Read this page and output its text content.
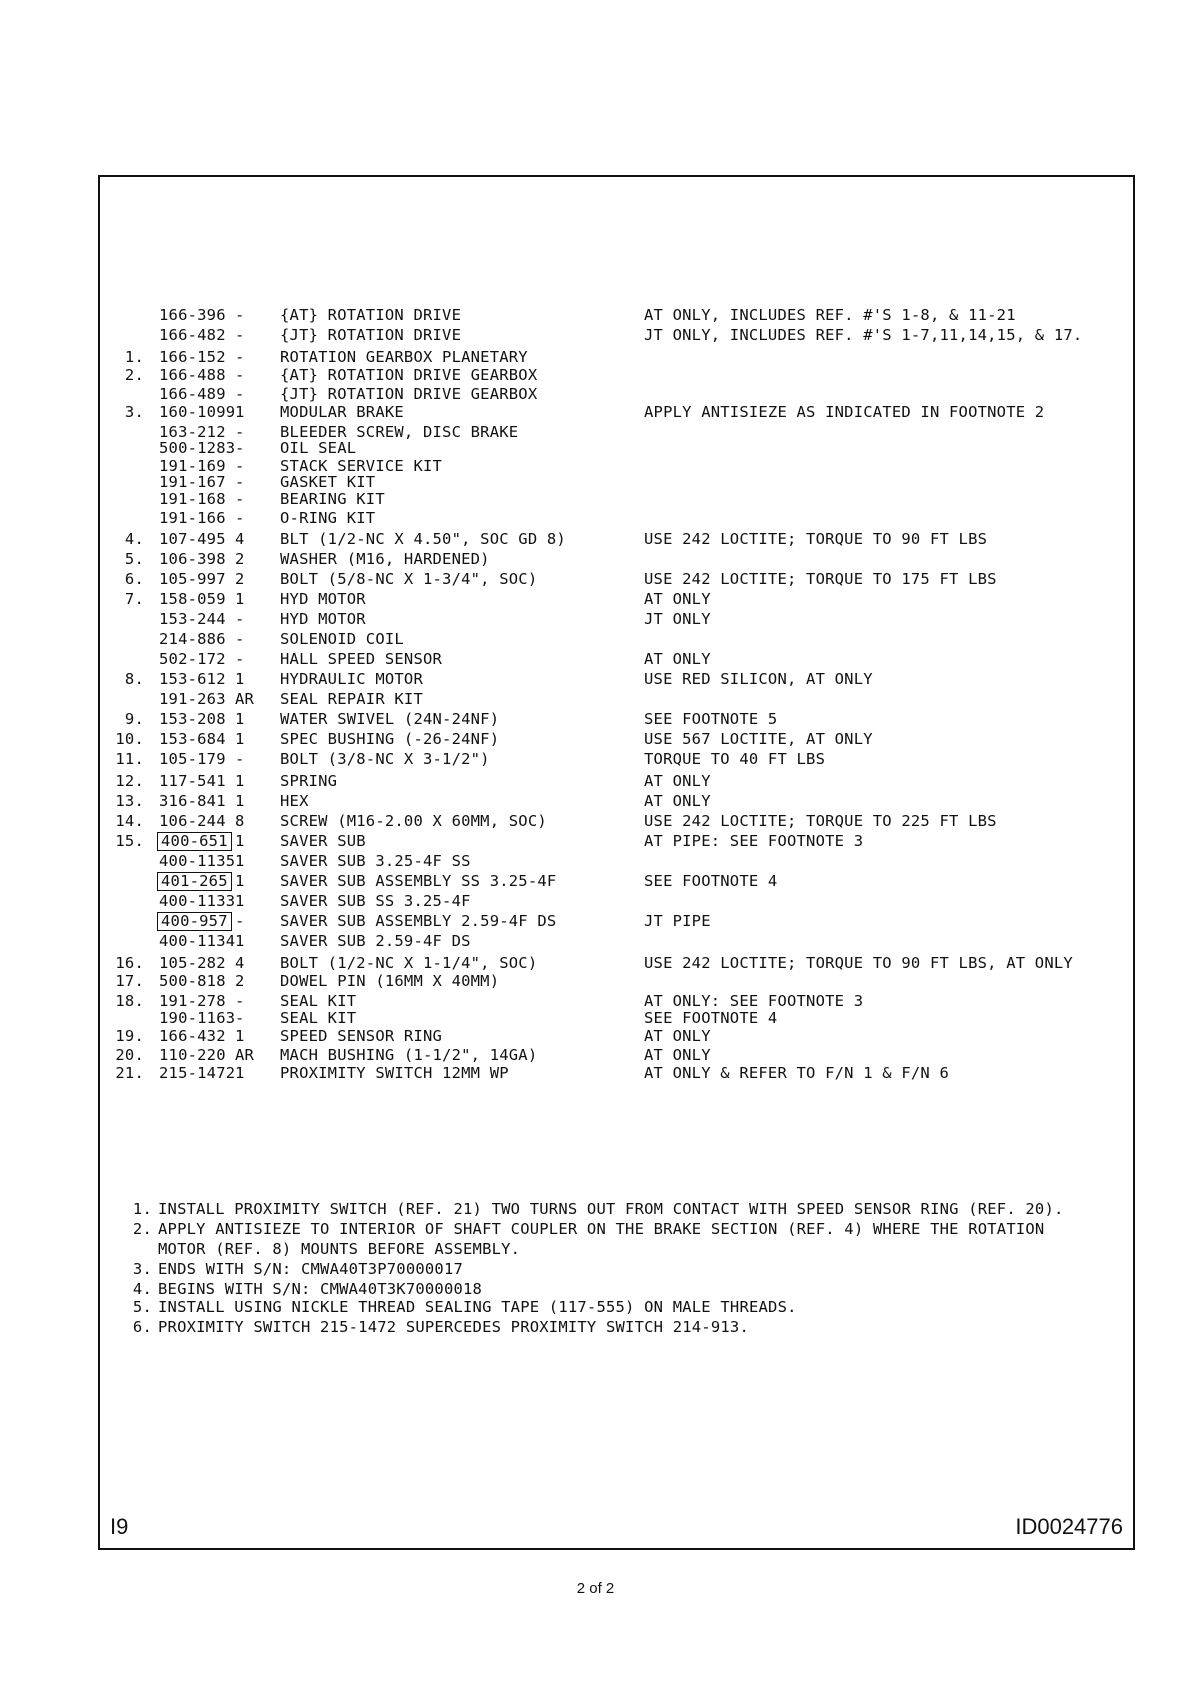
166-396 - {AT} ROTATION DRIVE	AT ONLY, INCLUDES REF. #'S 1-8, & 11-21
166-482 - {JT} ROTATION DRIVE	JT ONLY, INCLUDES REF. #'S 1-7,11,14,15, & 17.
1. 166-152 - ROTATION GEARBOX PLANETARY
2. 166-488 - {AT} ROTATION DRIVE GEARBOX
166-489 - {JT} ROTATION DRIVE GEARBOX
3. 160-1099 1 MODULAR BRAKE	APPLY ANTISIEZE AS INDICATED IN FOOTNOTE 2
163-212 - BLEEDER SCREW, DISC BRAKE
500-1283 - OIL SEAL
191-169 - STACK SERVICE KIT
191-167 - GASKET KIT
191-168 - BEARING KIT
191-166 - O-RING KIT
4. 107-495 4 BLT (1/2-NC X 4.50", SOC GD 8)	USE 242 LOCTITE; TORQUE TO 90 FT LBS
5. 106-398 2 WASHER (M16, HARDENED)
6. 105-997 2 BOLT (5/8-NC X 1-3/4", SOC)	USE 242 LOCTITE; TORQUE TO 175 FT LBS
7. 158-059 1 HYD MOTOR	AT ONLY
153-244 - HYD MOTOR	JT ONLY
214-886 - SOLENOID COIL
502-172 - HALL SPEED SENSOR	AT ONLY
8. 153-612 1 HYDRAULIC MOTOR	USE RED SILICON, AT ONLY
191-263 AR SEAL REPAIR KIT
9. 153-208 1 WATER SWIVEL (24N-24NF)	SEE FOOTNOTE 5
10. 153-684 1 SPEC BUSHING (-26-24NF)	USE 567 LOCTITE, AT ONLY
11. 105-179 - BOLT (3/8-NC X 3-1/2")	TORQUE TO 40 FT LBS
12. 117-541 1 SPRING	AT ONLY
13. 316-841 1 HEX	AT ONLY
14. 106-244 8 SCREW (M16-2.00 X 60MM, SOC)	USE 242 LOCTITE; TORQUE TO 225 FT LBS
15. 400-651 1 SAVER SUB	AT PIPE: SEE FOOTNOTE 3
400-1135 1 SAVER SUB 3.25-4F SS
401-265 1 SAVER SUB ASSEMBLY SS 3.25-4F	SEE FOOTNOTE 4
400-1133 1 SAVER SUB SS 3.25-4F
400-957 - SAVER SUB ASSEMBLY 2.59-4F DS	JT PIPE
400-1134 1 SAVER SUB 2.59-4F DS
16. 105-282 4 BOLT (1/2-NC X 1-1/4", SOC)	USE 242 LOCTITE; TORQUE TO 90 FT LBS, AT ONLY
17. 500-818 2 DOWEL PIN (16MM X 40MM)
18. 191-278 - SEAL KIT	AT ONLY: SEE FOOTNOTE 3
190-1163 - SEAL KIT	SEE FOOTNOTE 4
19. 166-432 1 SPEED SENSOR RING	AT ONLY
20. 110-220 AR MACH BUSHING (1-1/2", 14GA)	AT ONLY
21. 215-1472 1 PROXIMITY SWITCH 12MM WP	AT ONLY & REFER TO F/N 1 & F/N 6
1. INSTALL PROXIMITY SWITCH (REF. 21) TWO TURNS OUT FROM CONTACT WITH SPEED SENSOR RING (REF. 20).
2. APPLY ANTISIEZE TO INTERIOR OF SHAFT COUPLER ON THE BRAKE SECTION (REF. 4) WHERE THE ROTATION
MOTOR (REF. 8) MOUNTS BEFORE ASSEMBLY.
3. ENDS WITH S/N: CMWA40T3P70000017
4. BEGINS WITH S/N: CMWA40T3K70000018
5. INSTALL USING NICKLE THREAD SEALING TAPE (117-555) ON MALE THREADS.
6. PROXIMITY SWITCH 215-1472 SUPERCEDES PROXIMITY SWITCH 214-913.
I9	ID0024776
2 of 2
